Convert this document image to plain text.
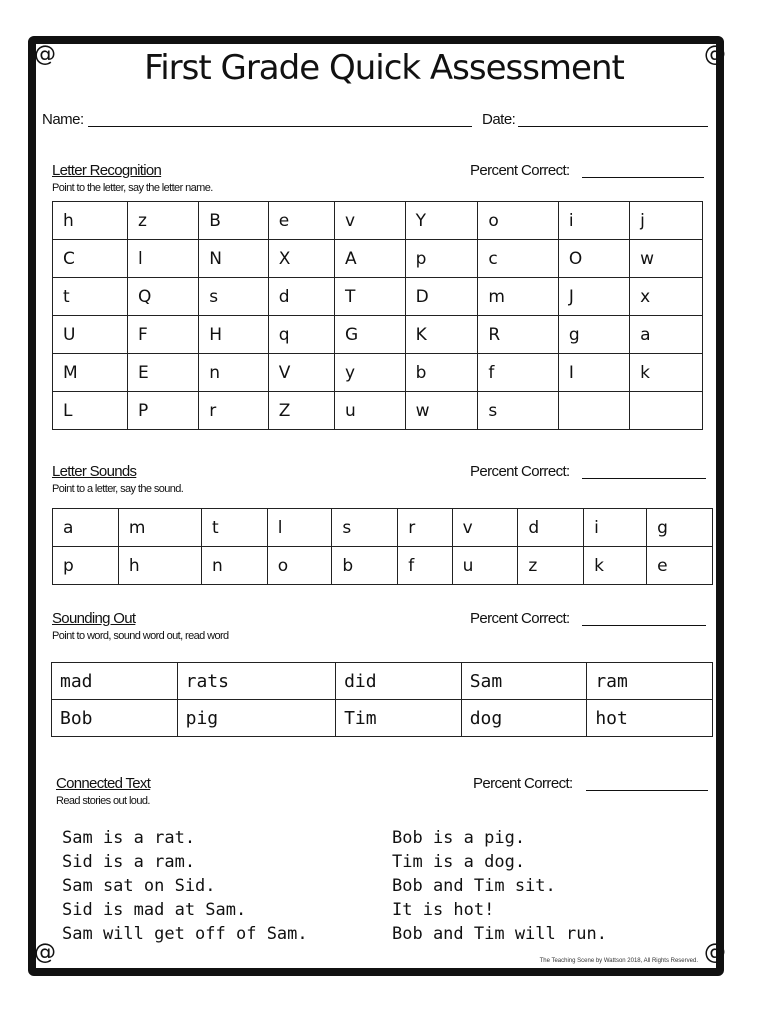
@	@
@	@
First Grade Quick Assessment
Name:	Date:
Letter Recognition
Point to the letter, say the letter name.
Percent Correct:
h	z	B	e	v	Y	o	i	j
C	l	N	X	A	p	c	O	w
t	Q	s	d	T	D	m	J	x
U	F	H	q	G	K	R	g	a
M	E	n	V	y	b	f	I	k
L	P	r	Z	u	w	s		
Letter Sounds
Point to a letter, say the sound.
Percent Correct:
a	m	t	l	s	r	v	d	i	g
p	h	n	o	b	f	u	z	k	e
Sounding Out
Point to word, sound word out, read word
Percent Correct:
mad	rats	did	Sam	ram
Bob	pig	Tim	dog	hot
Connected Text
Read stories out loud.
Percent Correct:
Sam is a rat.
Sid is a ram.
Sam sat on Sid.
Sid is mad at Sam.
Sam will get off of Sam.
Bob is a pig.
Tim is a dog.
Bob and Tim sit.
It is hot!
Bob and Tim will run.
The Teaching Scene by Wattson 2018, All Rights Reserved.
